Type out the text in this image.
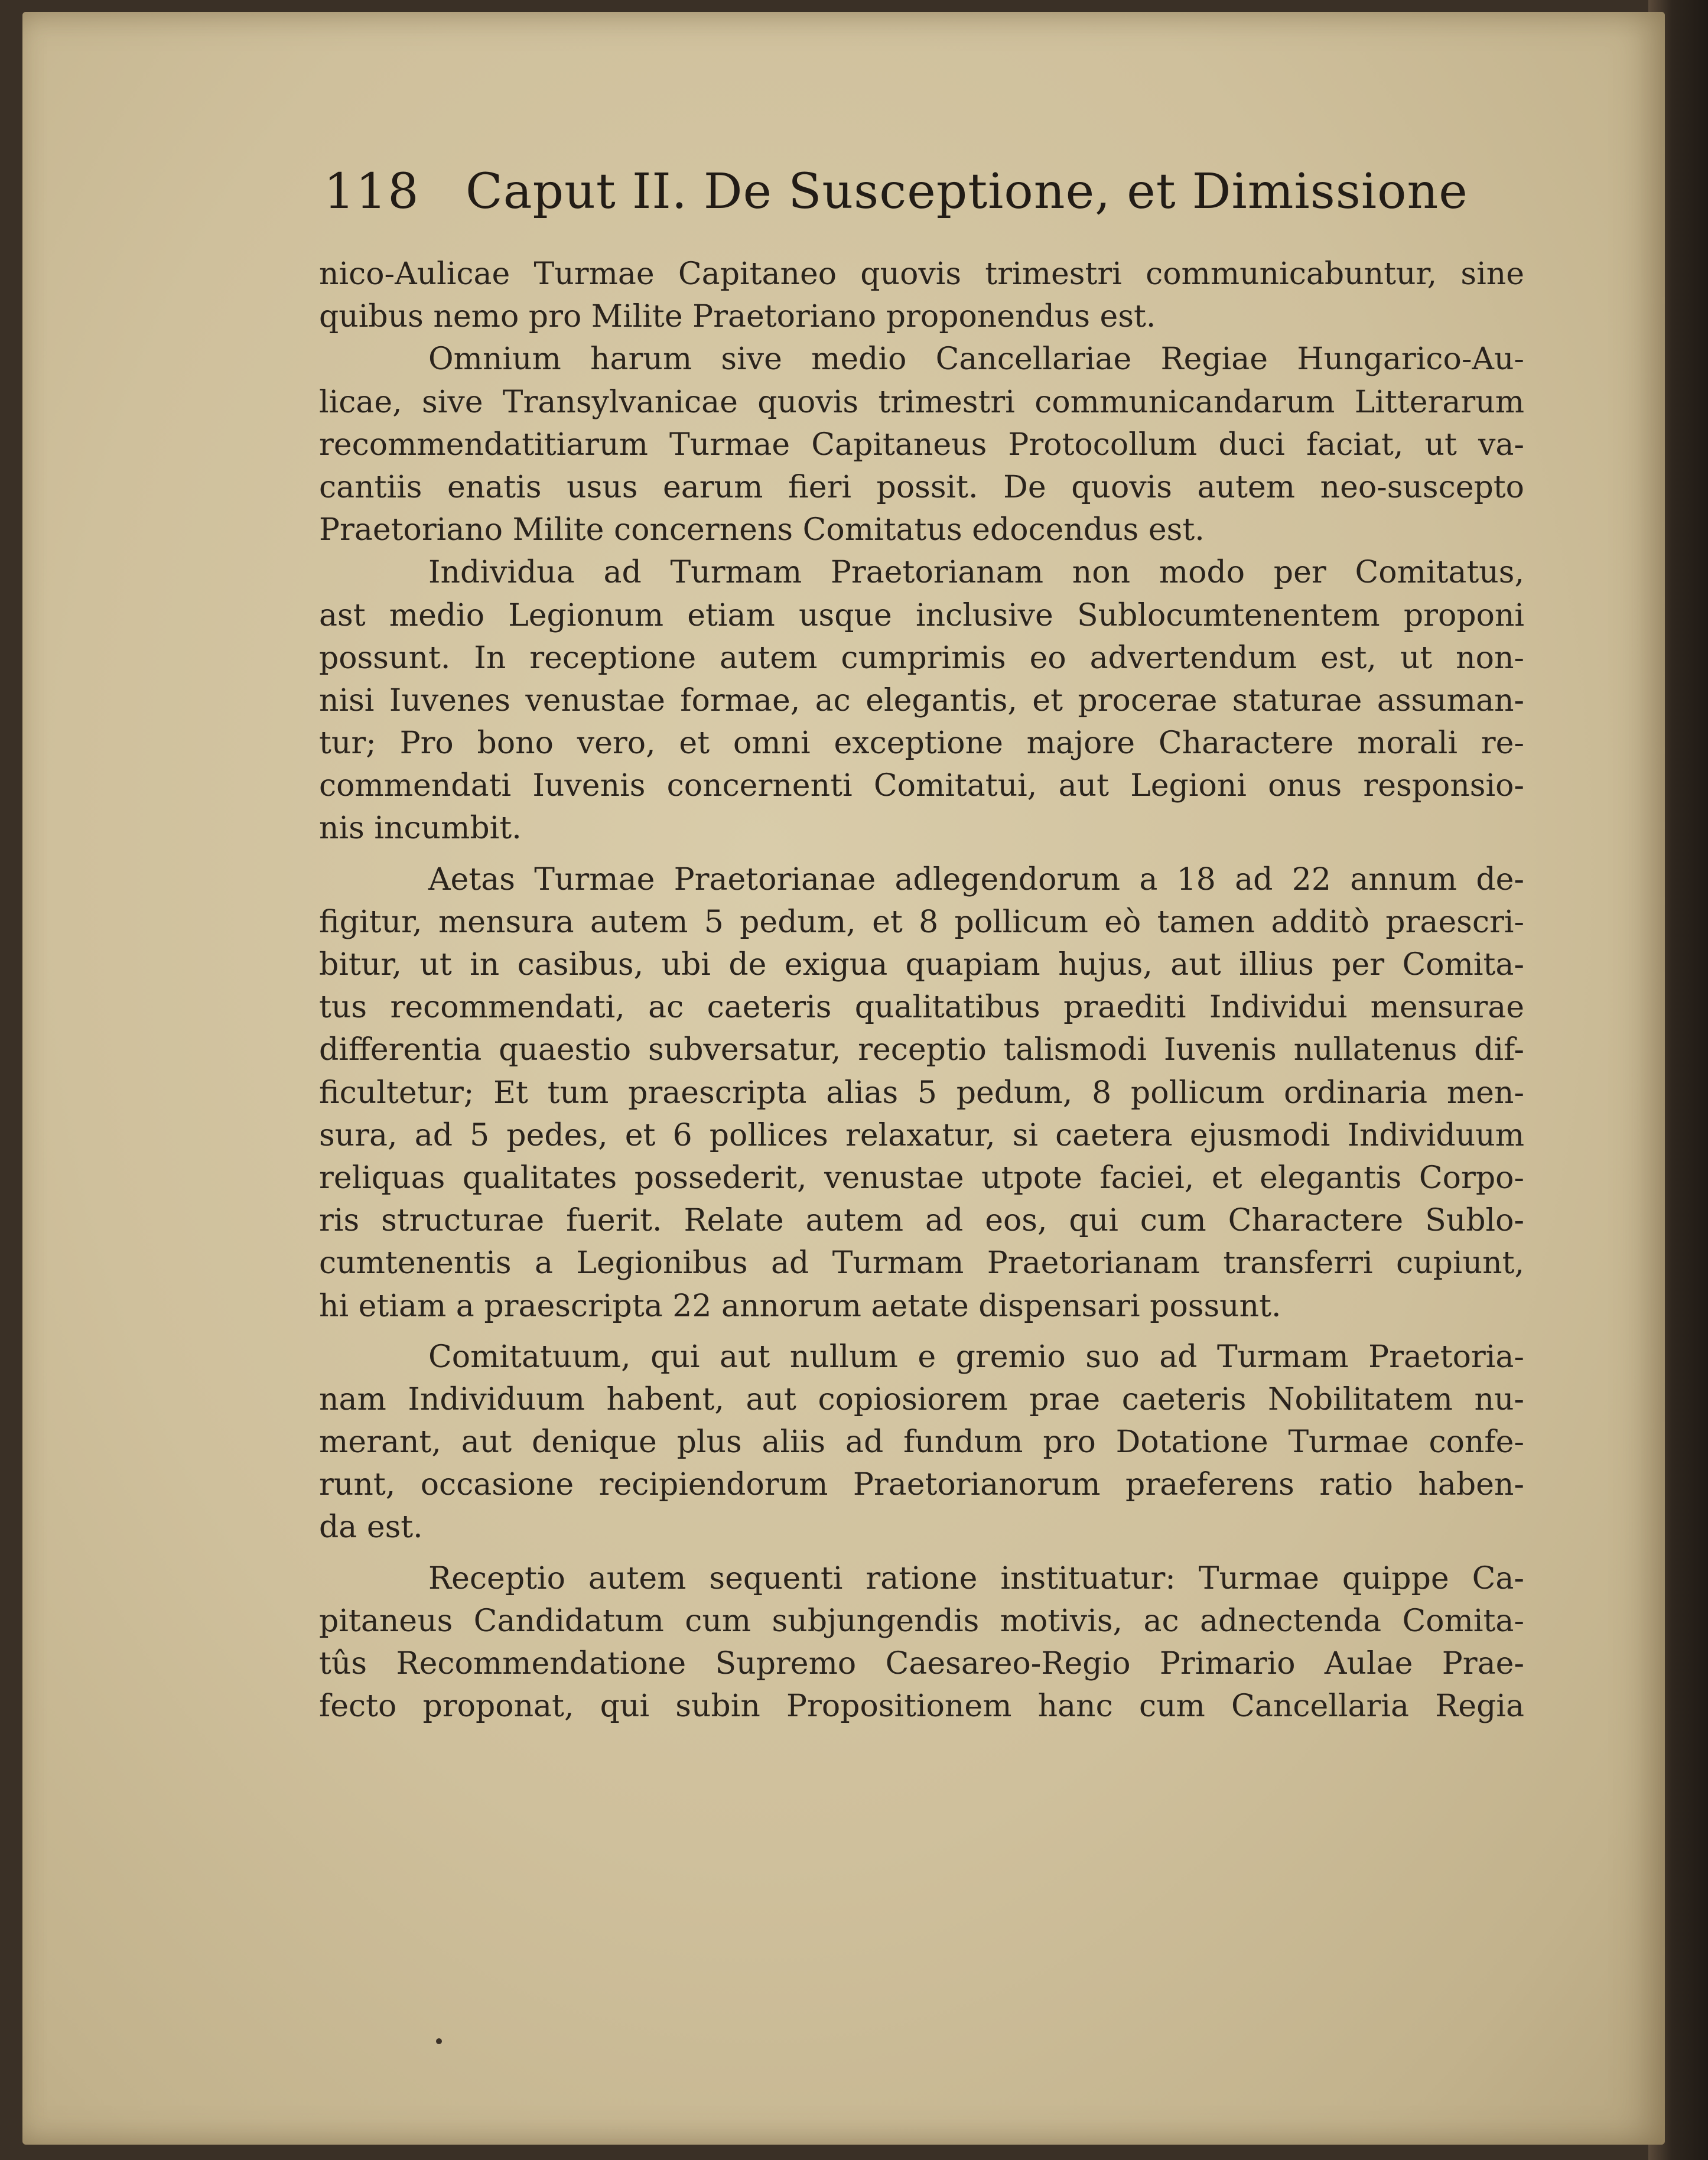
118 Caput II. De Susceptione, et Dimissione
nico-Aulicae Turmae Capitaneo quovis trimestri communicabuntur, sine
quibus nemo pro Milite Praetoriano proponendus est.
Omnium harum sive medio Cancellariae Regiae Hungarico-Au-
licae, sive Transylvanicae quovis trimestri communicandarum Litterarum
recommendatitiarum Turmae Capitaneus Protocollum duci faciat, ut va-
cantiis enatis usus earum fieri possit. De quovis autem neo-suscepto
Praetoriano Milite concernens Comitatus edocendus est.
Individua ad Turmam Praetorianam non modo per Comitatus,
ast medio Legionum etiam usque inclusive Sublocumtenentem proponi
possunt. In receptione autem cumprimis eo advertendum est, ut non-
nisi Iuvenes venustae formae, ac elegantis, et procerae staturae assuman-
tur; Pro bono vero, et omni exceptione majore Charactere morali re-
commendati Iuvenis concernenti Comitatui, aut Legioni onus responsio-
nis incumbit.
Aetas Turmae Praetorianae adlegendorum a 18 ad 22 annum de-
figitur, mensura autem 5 pedum, et 8 pollicum eò tamen additò praescri-
bitur, ut in casibus, ubi de exigua quapiam hujus, aut illius per Comita-
tus recommendati, ac caeteris qualitatibus praediti Individui mensurae
differentia quaestio subversatur, receptio talismodi Iuvenis nullatenus dif-
ficultetur; Et tum praescripta alias 5 pedum, 8 pollicum ordinaria men-
sura, ad 5 pedes, et 6 pollices relaxatur, si caetera ejusmodi Individuum
reliquas qualitates possederit, venustae utpote faciei, et elegantis Corpo-
ris structurae fuerit. Relate autem ad eos, qui cum Charactere Sublo-
cumtenentis a Legionibus ad Turmam Praetorianam transferri cupiunt,
hi etiam a praescripta 22 annorum aetate dispensari possunt.
Comitatuum, qui aut nullum e gremio suo ad Turmam Praetoria-
nam Individuum habent, aut copiosiorem prae caeteris Nobilitatem nu-
merant, aut denique plus aliis ad fundum pro Dotatione Turmae confe-
runt, occasione recipiendorum Praetorianorum praeferens ratio haben-
da est.
Receptio autem sequenti ratione instituatur: Turmae quippe Ca-
pitaneus Candidatum cum subjungendis motivis, ac adnectenda Comita-
tûs Recommendatione Supremo Caesareo-Regio Primario Aulae Prae-
fecto proponat, qui subin Propositionem hanc cum Cancellaria Regia
